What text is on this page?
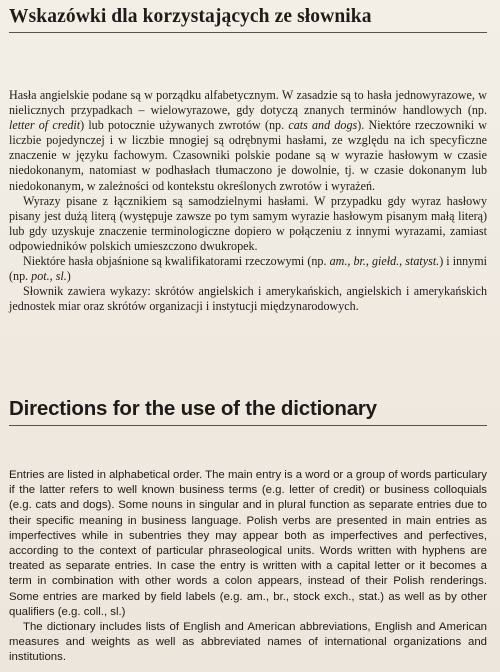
Wskazówki dla korzystających ze słownika

Hasła angielskie podane są w porządku alfabetycznym. W zasadzie są to hasła jednowyrazowe, w nielicznych przypadkach – wielowyrazowe, gdy dotyczą znanych terminów handlowych (np. letter of credit) lub potocznie używanych zwrotów (np. cats and dogs). Niektóre rzeczowniki w liczbie pojedynczej i w liczbie mnogiej są odrębnymi hasłami, ze względu na ich specyficzne znaczenie w języku fachowym. Czasowniki polskie podane są w wyrazie hasłowym w czasie niedokonanym, natomiast w podhasłach tłumaczono je dowolnie, tj. w czasie dokonanym lub niedokonanym, w zależności od kontekstu określonych zwrotów i wyrażeń.

Wyrazy pisane z łącznikiem są samodzielnymi hasłami. W przypadku gdy wyraz hasłowy pisany jest dużą literą (występuje zawsze po tym samym wyrazie hasłowym pisanym małą literą) lub gdy uzyskuje znaczenie terminologiczne dopiero w połączeniu z innymi wyrazami, zamiast odpowiedników polskich umieszczono dwukropek.

Niektóre hasła objaśnione są kwalifikatorami rzeczowymi (np. am., br., giełd., statyst.) i innymi (np. pot., sl.)

Słownik zawiera wykazy: skrótów angielskich i amerykańskich, angielskich i amerykańskich jednostek miar oraz skrótów organizacji i instytucji międzynarodowych.

Directions for the use of the dictionary

Entries are listed in alphabetical order. The main entry is a word or a group of words particulary if the latter refers to well known business terms (e.g. letter of credit) or business colloquials (e.g. cats and dogs). Some nouns in singular and in plural function as separate entries due to their specific meaning in business language. Polish verbs are presented in main entries as imperfectives while in subentries they may appear both as imperfectives and perfectives, according to the context of particular phraseological units. Words written with hyphens are treated as separate entries. In case the entry is written with a capital letter or it becomes a term in combination with other words a colon appears, instead of their Polish renderings. Some entries are marked by field labels (e.g. am., br., stock exch., stat.) as well as by other qualifiers (e.g. coll., sl.)

The dictionary includes lists of English and American abbreviations, English and American measures and weights as well as abbreviated names of international organizations and institutions.
